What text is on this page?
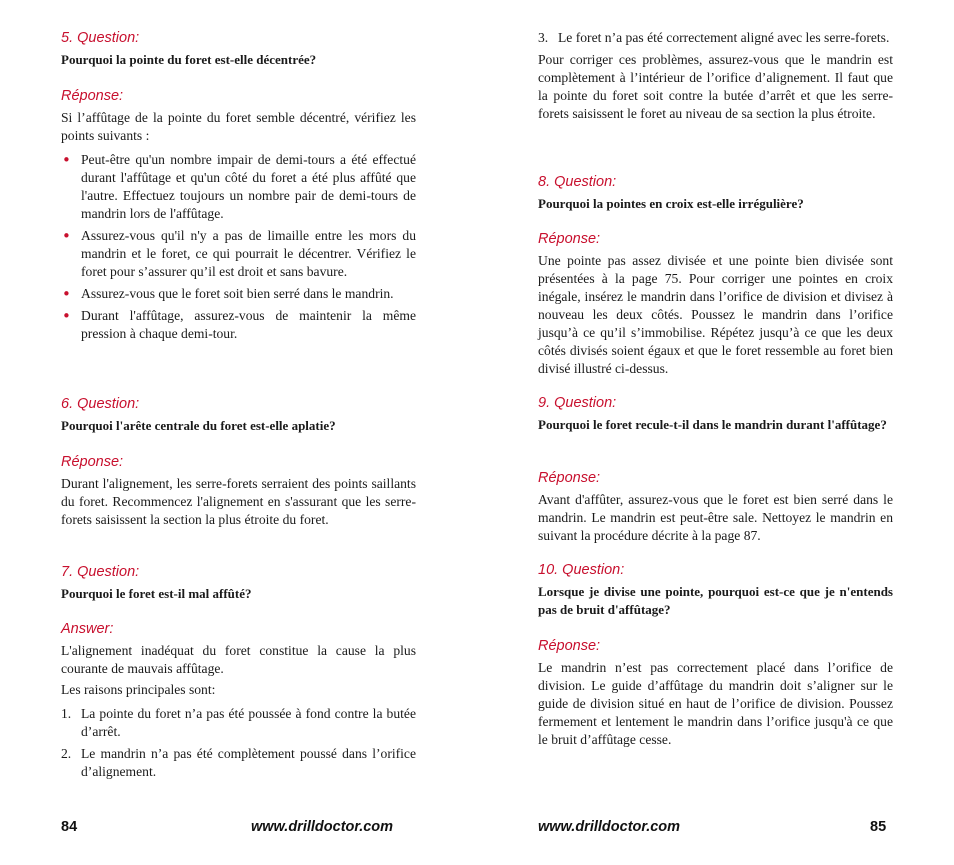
5. Question:

Pourquoi la pointe du foret est-elle décentrée?

Réponse:

Si l’affûtage de la pointe du foret semble décentré, vérifiez les points suivants :

• Peut-être qu'un nombre impair de demi-tours a été effectué durant l'affûtage et qu'un côté du foret a été plus affûté que l'autre. Effectuez toujours un nombre pair de demi-tours de mandrin lors de l'affûtage.
• Assurez-vous qu'il n'y a pas de limaille entre les mors du mandrin et le foret, ce qui pourrait le décentrer. Vérifiez le foret pour s’assurer qu’il est droit et sans bavure.
• Assurez-vous que le foret soit bien serré dans le mandrin.
• Durant l'affûtage, assurez-vous de maintenir la même pression à chaque demi-tour.

6. Question:

Pourquoi l'arête centrale du foret est-elle aplatie?

Réponse:

Durant l'alignement, les serre-forets serraient des points saillants du foret. Recommencez l'alignement en s'assurant que les serre-forets saisissent la section la plus étroite du foret.

7. Question:

Pourquoi le foret est-il mal affûté?

Answer:

L'alignement inadéquat du foret constitue la cause la plus courante de mauvais affûtage.

Les raisons principales sont:

1. La pointe du foret n’a pas été poussée à fond contre la butée d’arrêt.
2. Le mandrin n’a pas été complètement poussé dans l’orifice d’alignement.
84	www.drilldoctor.com
3. Le foret n’a pas été correctement aligné avec les serre-forets.

Pour corriger ces problèmes, assurez-vous que le mandrin est complètement à l’intérieur de l’orifice d’alignement. Il faut que la pointe du foret soit contre la butée d’arrêt et que les serre-forets saisissent le foret au niveau de sa section la plus étroite.

8. Question:

Pourquoi la pointes en croix est-elle irrégulière?

Réponse:

Une pointe pas assez divisée et une pointe bien divisée sont présentées à la page 75. Pour corriger une pointes en croix inégale, insérez le mandrin dans l’orifice de division et divisez à nouveau les deux côtés. Poussez le mandrin dans l’orifice jusqu’à ce qu’il s’immobilise. Répétez jusqu’à ce que les deux côtés divisés soient égaux et que le foret ressemble au foret bien divisé illustré ci-dessus.

9. Question:

Pourquoi le foret recule-t-il dans le mandrin durant l'affûtage?

Réponse:

Avant d'affûter, assurez-vous que le foret est bien serré dans le mandrin. Le mandrin est peut-être sale. Nettoyez le mandrin en suivant la procédure décrite à la page 87.

10. Question:

Lorsque je divise une pointe, pourquoi est-ce que je n'entends pas de bruit d'affûtage?

Réponse:

Le mandrin n’est pas correctement placé dans l’orifice de division. Le guide d’affûtage du mandrin doit s’aligner sur le guide de division situé en haut de l’orifice de division. Poussez fermement et lentement le mandrin dans l’orifice jusqu'à ce que le bruit d’affûtage cesse.

www.drilldoctor.com	85
